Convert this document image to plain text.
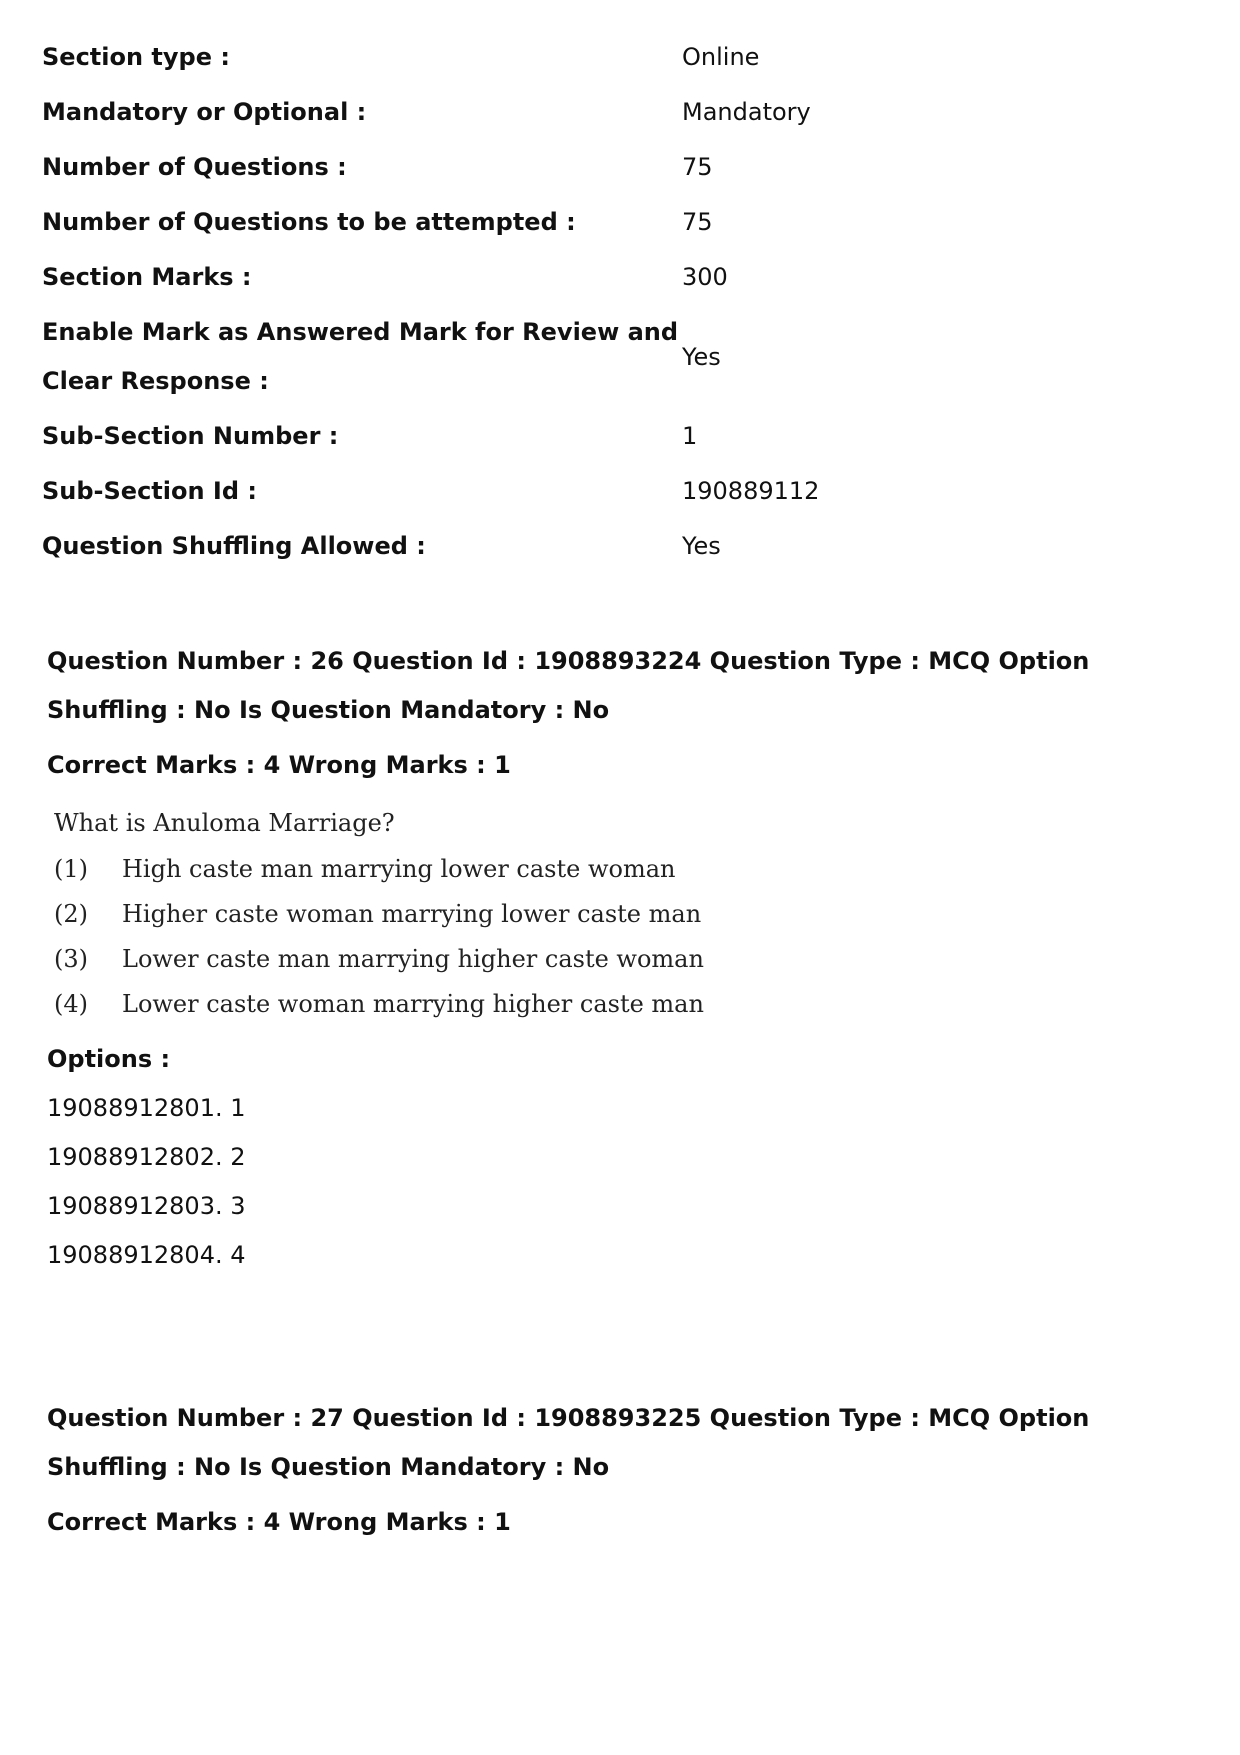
Section type :	Online
Mandatory or Optional :	Mandatory
Number of Questions :	75
Number of Questions to be attempted :	75
Section Marks :	300
Enable Mark as Answered Mark for Review and Clear Response :
Yes
Sub-Section Number :	1
Sub-Section Id :	190889112
Question Shuffling Allowed :	Yes
Question Number : 26 Question Id : 1908893224 Question Type : MCQ Option Shuffling : No Is Question Mandatory : No
Correct Marks : 4 Wrong Marks : 1
What is Anuloma Marriage?
(1)	High caste man marrying lower caste woman
(2)	Higher caste woman marrying lower caste man
(3)	Lower caste man marrying higher caste woman
(4)	Lower caste woman marrying higher caste man
Options :
19088912801. 1
19088912802. 2
19088912803. 3
19088912804. 4
Question Number : 27 Question Id : 1908893225 Question Type : MCQ Option Shuffling : No Is Question Mandatory : No
Correct Marks : 4 Wrong Marks : 1
